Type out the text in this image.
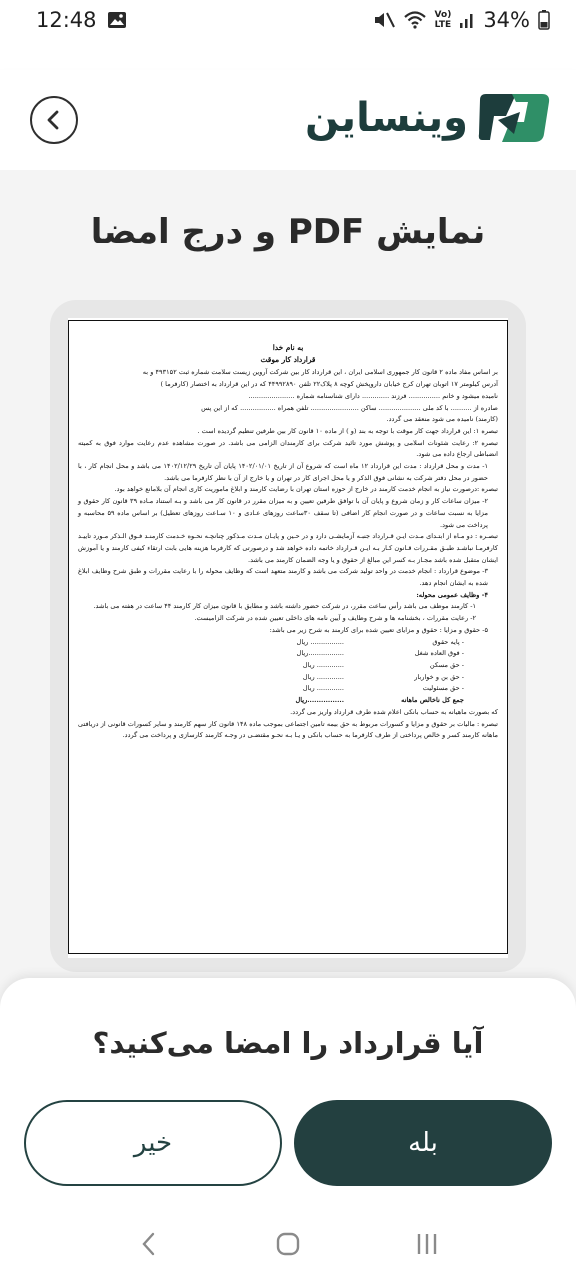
12:48	Vo)
LTE 34%
وینساین
نمایش PDF و درج امضا

به نام خدا

قرارداد کار موقت

بر اساس مفاد ماده ۲ قانون کار جمهوری اسلامی ایران ، این قرارداد کار بین شرکت آروین زیست سلامت شماره ثبت ۴۹۳۱۵۲ و به

آدرس کیلومتر ۱۷ اتوبان تهران کرج خیابان داروپخش کوچه ۸ پلاک۲۲ تلفن ۴۴۹۹۲۸۹۰ که در این قرارداد به اختصار (کارفرما )

نامیده میشود و خانم ............... فرزند ............. دارای شناسنامه شماره ......................

صادره از .......... با کد ملی .................... ساکن ....................... تلفن همراه ................. که از این پس

(کارمند) نامیده می شود منعقد می گردد.

تبصره ۱: این قرارداد جهت کار موقت با توجه به بند (و ) از ماده ۱۰ قانون کار بین طرفین تنظیم گردیده است .

تبصره ۲: رعایت شئونات اسلامی و پوشش مورد تائید شرکت برای کارمندان الزامی می باشد. در صورت مشاهده عدم رعایت موارد فوق به کمیته انضباطی ارجاع داده می شود.

۱- مدت و محل قرارداد : مدت این قرارداد ۱۲ ماه است که شروع آن از تاریخ ۱۴۰۲/۰۱/۰۱ پایان آن تاریخ ۱۴۰۲/۱۲/۲۹ می باشد و محل انجام کار ، با حضور در محل دفتر شرکت به نشانی فوق الذکر و یا محل اجرای کار در تهران و یا خارج از آن با نظر کارفرما می باشد.

تبصره :درصورت نیاز به انجام خدمت کارمند در خارج از حوزه استان تهران با رضایت کارمند و ابلاغ ماموریت کاری انجام آن بلامانع خواهد بود.

۲- میزان ساعات کار و زمان شروع و پایان آن با توافق طرفین تعیین و به میزان مقرر در قانون کار می باشد و بـه استناد مـاده ۳۹ قانون کار حقوق و مزایا به نسبت ساعات و در صورت انجام کار اضافی (تا سقف ۳۰ساعت روزهای عـادی و ۱۰ سـاعت روزهای تعطیل) بر اساس ماده ۵۹ محاسبه و پرداخت می شود.

تبصـره : دو مـاه از ابتـدای مـدت ایـن قـرارداد جنبـه آزمایشـی دارد و در حـین و پایـان مـدت مـذکور چنانچـه نحـوه خـدمت کارمنـد فـوق الـذکر مـورد تاییـد کارفرمـا نباشـد طبـق مقـررات قـانون کـار بـه ایـن قـرارداد خاتمه داده خواهد شد و درصورتی که کارفرما هزینه هایی بابت ارتقاء کیفی کارمند و یا آموزش ایشان متقبل شده باشد مجـاز بـه کسر این مبالغ از حقوق و یا وجه الضمان کارمند می باشد.

۳- موضوع قرارداد : انجام خدمت در واحد تولید شرکت می باشد و کارمند متعهد است که وظایف محوله را با رعایت مقررات و طبق شرح وظایف ابلاغ شده به ایشان انجام دهد.

۴- وظایف عمومی محوله:

۱- کارمند موظف می باشد رأس ساعت مقرر، در شرکت حضور داشته باشد و مطابق با قانون میزان کار کارمند ۴۴ ساعت در هفته می باشد.

۲- رعایت مقررات ، بخشنامه ها و شرح وظایف و آیین نامه های داخلی تعیین شده در شرکت الزامیست.

۵- حقوق و مزایا : حقوق و مزایای تعیین شده برای کارمند به شرح زیر می باشد:

- پایه حقوق
................ ریال
- فوق العاده شغل
.................ریال
- حق مسکن
............. ریال
- حق بن و خواربار
............. ریال
- حق مسئولیت
............. ریال
جمع کل ناخالص ماهانه
................ریال

که بصورت ماهیانه به حساب بانکی اعلام شده طرف قرارداد واریز می گردد.

تبصره : مالیات بر حقوق و مزایا و کسورات مربوط به حق بیمه تامین اجتماعی بموجب ماده ۱۴۸ قانون کار سهم کارمند و سایر کسورات قانونی از دریافتی ماهانه کارمند کسر و خالص پرداختی از طرف کارفرما به حساب بانکی و یـا بـه نحـو مقتضـی در وجـه کارمند کارسازی و پرداخت می گردد.

آیا قرارداد را امضا می‌کنید؟
خیر	بله
